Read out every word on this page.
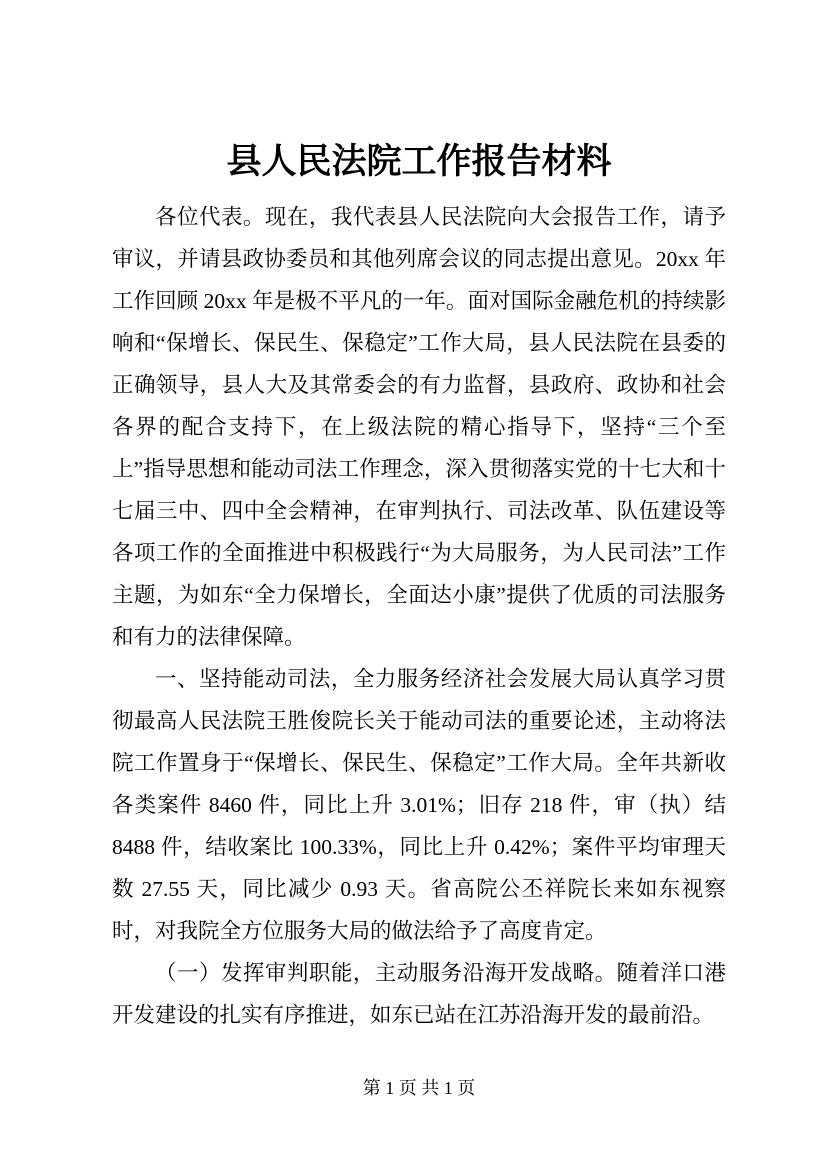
县人民法院工作报告材料

各位代表。现在，我代表县人民法院向大会报告工作，请予审议，并请县政协委员和其他列席会议的同志提出意见。20xx 年工作回顾 20xx 年是极不平凡的一年。面对国际金融危机的持续影响和“保增长、保民生、保稳定”工作大局，县人民法院在县委的正确领导，县人大及其常委会的有力监督，县政府、政协和社会各界的配合支持下，在上级法院的精心指导下，坚持“三个至上”指导思想和能动司法工作理念，深入贯彻落实党的十七大和十七届三中、四中全会精神，在审判执行、司法改革、队伍建设等各项工作的全面推进中积极践行“为大局服务，为人民司法”工作主题，为如东“全力保增长，全面达小康”提供了优质的司法服务和有力的法律保障。

一、坚持能动司法，全力服务经济社会发展大局认真学习贯彻最高人民法院王胜俊院长关于能动司法的重要论述，主动将法院工作置身于“保增长、保民生、保稳定”工作大局。全年共新收各类案件 8460 件，同比上升 3.01%；旧存 218 件，审（执）结 8488 件，结收案比 100.33%，同比上升 0.42%；案件平均审理天数 27.55 天，同比减少 0.93 天。省高院公丕祥院长来如东视察时，对我院全方位服务大局的做法给予了高度肯定。

（一）发挥审判职能，主动服务沿海开发战略。随着洋口港开发建设的扎实有序推进，如东已站在江苏沿海开发的最前沿。

第 1 页 共 1 页
